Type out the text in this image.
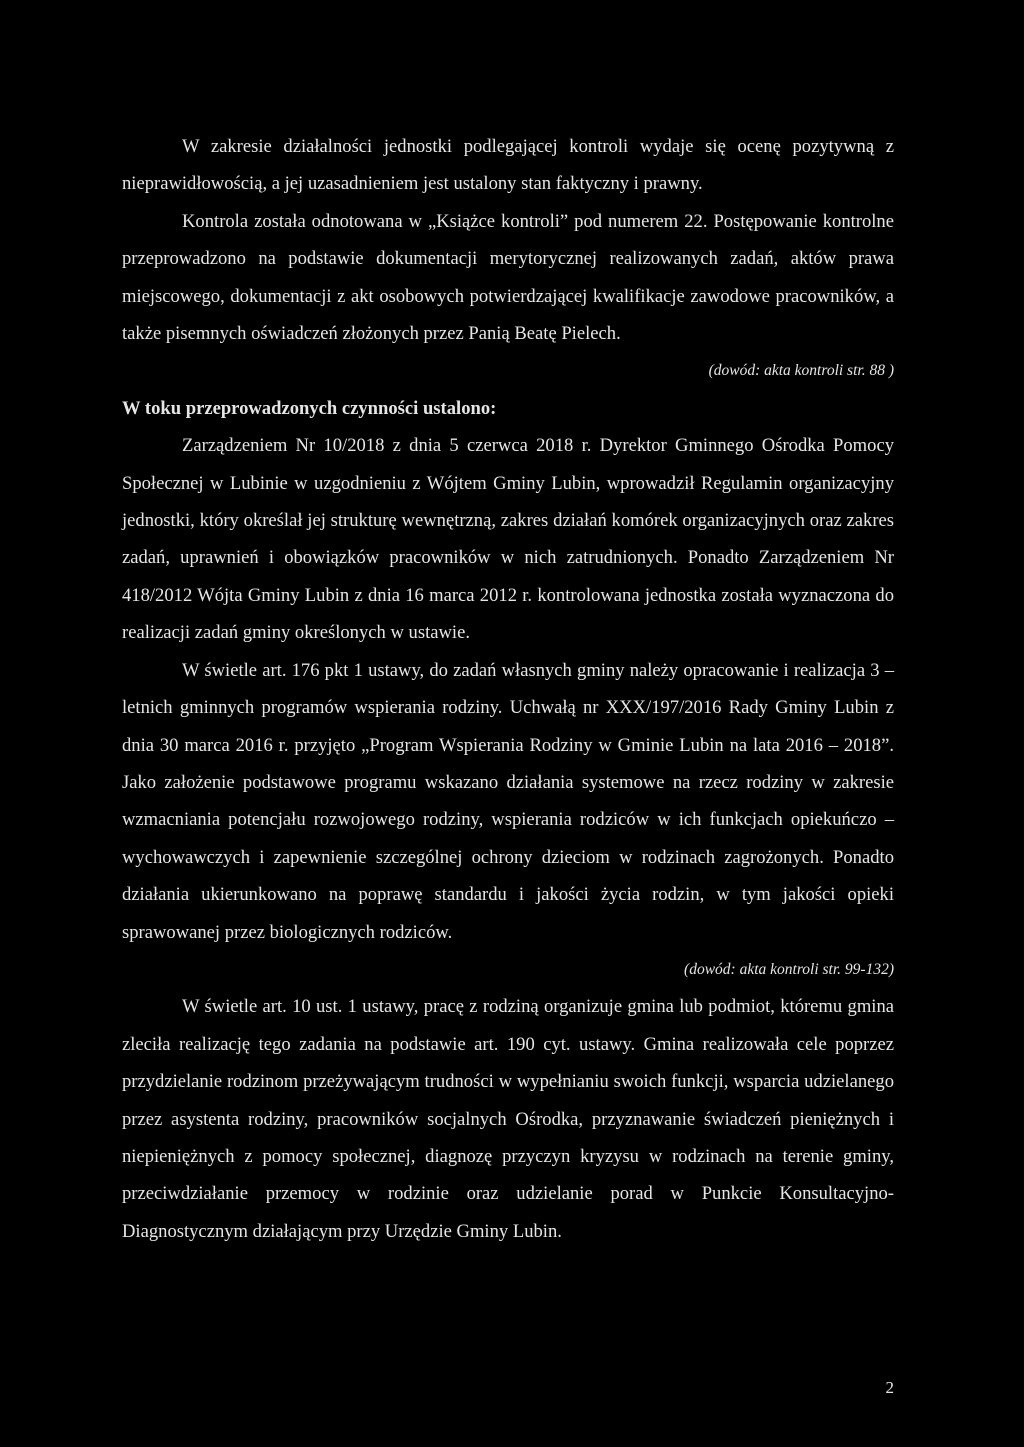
W zakresie działalności jednostki podlegającej kontroli wydaje się ocenę pozytywną z nieprawidłowością, a jej uzasadnieniem jest ustalony stan faktyczny i prawny.

Kontrola została odnotowana w „Książce kontroli” pod numerem 22. Postępowanie kontrolne przeprowadzono na podstawie dokumentacji merytorycznej realizowanych zadań, aktów prawa miejscowego, dokumentacji z akt osobowych potwierdzającej kwalifikacje zawodowe pracowników, a także pisemnych oświadczeń złożonych przez Panią Beatę Pielech.

(dowód: akta kontroli str. 88 )

W toku przeprowadzonych czynności ustalono:

Zarządzeniem Nr 10/2018 z dnia 5 czerwca 2018 r. Dyrektor Gminnego Ośrodka Pomocy Społecznej w Lubinie w uzgodnieniu z Wójtem Gminy Lubin, wprowadził Regulamin organizacyjny jednostki, który określał jej strukturę wewnętrzną, zakres działań komórek organizacyjnych oraz zakres zadań, uprawnień i obowiązków pracowników w nich zatrudnionych. Ponadto Zarządzeniem Nr 418/2012 Wójta Gminy Lubin z dnia 16 marca 2012 r. kontrolowana jednostka została wyznaczona do realizacji zadań gminy określonych w ustawie.

W świetle art. 176 pkt 1 ustawy, do zadań własnych gminy należy opracowanie i realizacja 3 – letnich gminnych programów wspierania rodziny. Uchwałą nr XXX/197/2016 Rady Gminy Lubin z dnia 30 marca 2016 r. przyjęto „Program Wspierania Rodziny w Gminie Lubin na lata 2016 – 2018”. Jako założenie podstawowe programu wskazano działania systemowe na rzecz rodziny w zakresie wzmacniania potencjału rozwojowego rodziny, wspierania rodziców w ich funkcjach opiekuńczo – wychowawczych i zapewnienie szczególnej ochrony dzieciom w rodzinach zagrożonych. Ponadto działania ukierunkowano na poprawę standardu i jakości życia rodzin, w tym jakości opieki sprawowanej przez biologicznych rodziców.

(dowód: akta kontroli str. 99-132)

W świetle art. 10 ust. 1 ustawy, pracę z rodziną organizuje gmina lub podmiot, któremu gmina zleciła realizację tego zadania na podstawie art. 190 cyt. ustawy. Gmina realizowała cele poprzez przydzielanie rodzinom przeżywającym trudności w wypełnianiu swoich funkcji, wsparcia udzielanego przez asystenta rodziny, pracowników socjalnych Ośrodka, przyznawanie świadczeń pieniężnych i niepieniężnych z pomocy społecznej, diagnozę przyczyn kryzysu w rodzinach na terenie gminy, przeciwdziałanie przemocy w rodzinie oraz udzielanie porad w Punkcie Konsultacyjno-Diagnostycznym działającym przy Urzędzie Gminy Lubin.

2
